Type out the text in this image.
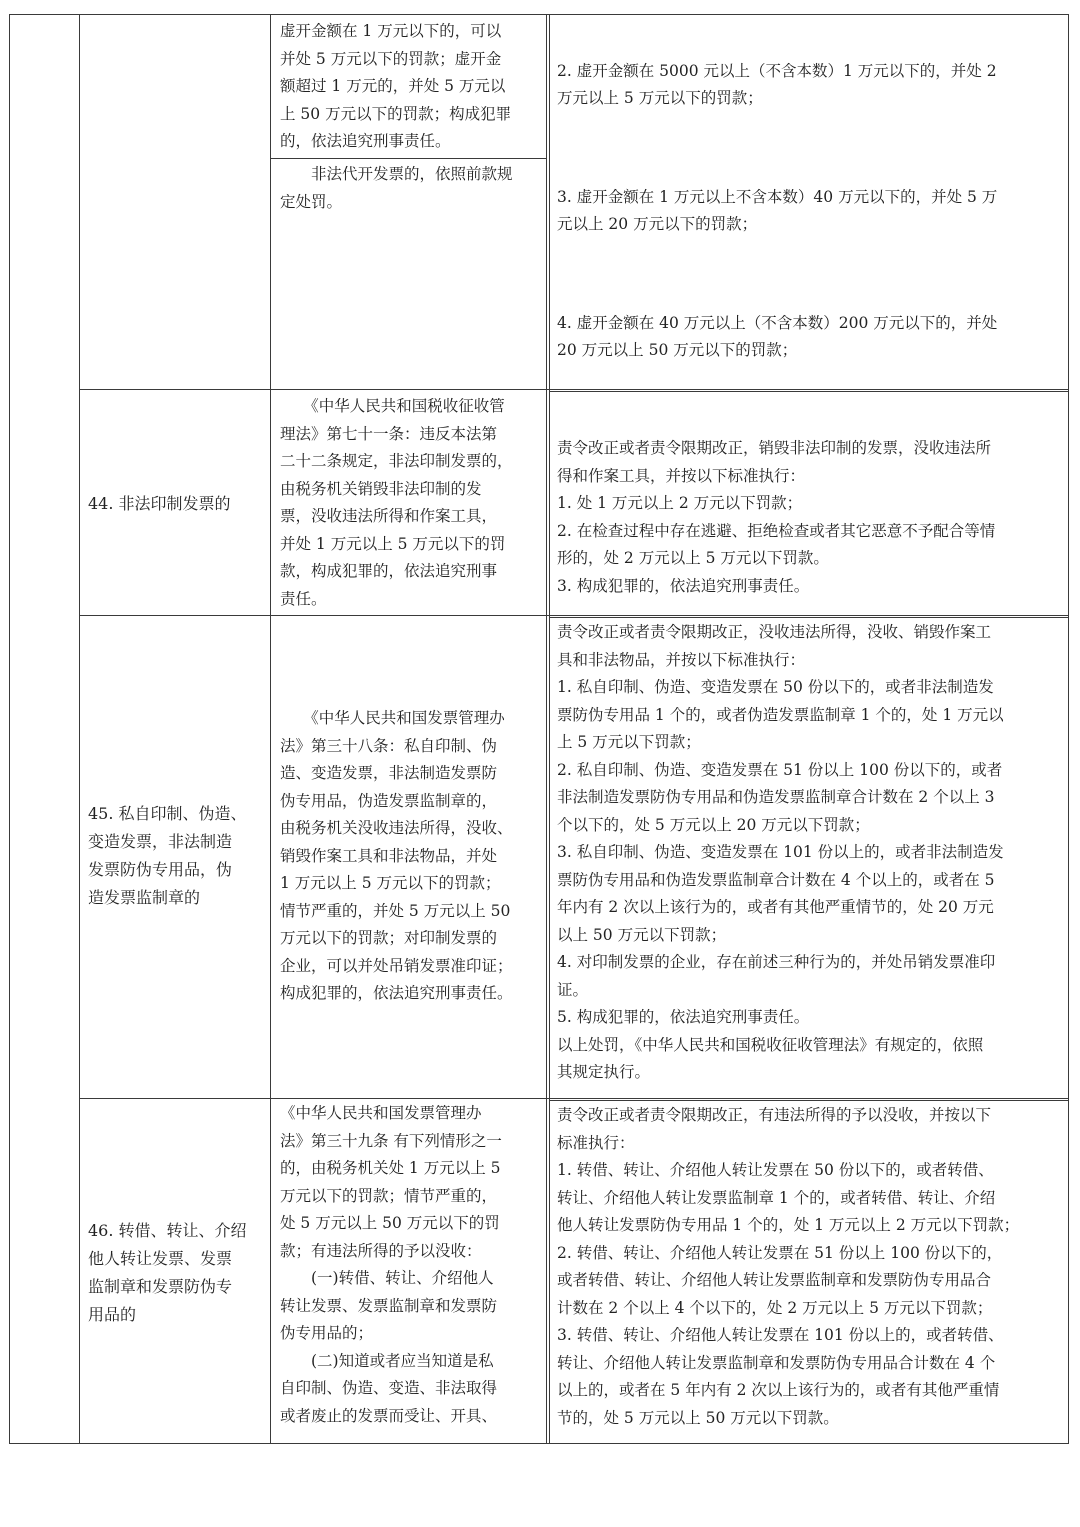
虚开金额在 1 万元以下的，可以
并处 5 万元以下的罚款；虚开金
额超过 1 万元的，并处 5 万元以
上 50 万元以下的罚款；构成犯罪
的，依法追究刑事责任。
　　非法代开发票的，依照前款规
定处罚。

2. 虚开金额在 5000 元以上（不含本数）1 万元以下的，并处 2
万元以上 5 万元以下的罚款；

3. 虚开金额在 1 万元以上不含本数）40 万元以下的，并处 5 万
元以上 20 万元以下的罚款；

4. 虚开金额在 40 万元以上（不含本数）200 万元以下的，并处
20 万元以上 50 万元以下的罚款；

44. 非法印制发票的
　　《中华人民共和国税收征收管
理法》第七十一条：违反本法第
二十二条规定，非法印制发票的，
由税务机关销毁非法印制的发
票，没收违法所得和作案工具，
并处 1 万元以上 5 万元以下的罚
款，构成犯罪的，依法追究刑事
责任。
责令改正或者责令限期改正，销毁非法印制的发票，没收违法所
得和作案工具，并按以下标准执行：
1. 处 1 万元以上 2 万元以下罚款；
2. 在检查过程中存在逃避、拒绝检查或者其它恶意不予配合等情
形的，处 2 万元以上 5 万元以下罚款。
3. 构成犯罪的，依法追究刑事责任。
45. 私自印制、伪造、
变造发票，非法制造
发票防伪专用品，伪
造发票监制章的
　　《中华人民共和国发票管理办
法》第三十八条：私自印制、伪
造、变造发票，非法制造发票防
伪专用品，伪造发票监制章的，
由税务机关没收违法所得，没收、
销毁作案工具和非法物品，并处
1 万元以上 5 万元以下的罚款；
情节严重的，并处 5 万元以上 50
万元以下的罚款；对印制发票的
企业，可以并处吊销发票准印证；
构成犯罪的，依法追究刑事责任。
责令改正或者责令限期改正，没收违法所得，没收、销毁作案工
具和非法物品，并按以下标准执行：
1. 私自印制、伪造、变造发票在 50 份以下的，或者非法制造发
票防伪专用品 1 个的，或者伪造发票监制章 1 个的，处 1 万元以
上 5 万元以下罚款；
2. 私自印制、伪造、变造发票在 51 份以上 100 份以下的，或者
非法制造发票防伪专用品和伪造发票监制章合计数在 2 个以上 3
个以下的，处 5 万元以上 20 万元以下罚款；
3. 私自印制、伪造、变造发票在 101 份以上的，或者非法制造发
票防伪专用品和伪造发票监制章合计数在 4 个以上的，或者在 5
年内有 2 次以上该行为的，或者有其他严重情节的，处 20 万元
以上 50 万元以下罚款；
4. 对印制发票的企业，存在前述三种行为的，并处吊销发票准印
证。
5. 构成犯罪的，依法追究刑事责任。
以上处罚，《中华人民共和国税收征收管理法》有规定的，依照
其规定执行。
46. 转借、转让、介绍
他人转让发票、发票
监制章和发票防伪专
用品的
《中华人民共和国发票管理办
法》第三十九条 有下列情形之一
的，由税务机关处 1 万元以上 5
万元以下的罚款；情节严重的，
处 5 万元以上 50 万元以下的罚
款；有违法所得的予以没收：
　　(一)转借、转让、介绍他人
转让发票、发票监制章和发票防
伪专用品的；
　　(二)知道或者应当知道是私
自印制、伪造、变造、非法取得
或者废止的发票而受让、开具、
责令改正或者责令限期改正，有违法所得的予以没收，并按以下
标准执行：
1. 转借、转让、介绍他人转让发票在 50 份以下的，或者转借、
转让、介绍他人转让发票监制章 1 个的，或者转借、转让、介绍
他人转让发票防伪专用品 1 个的，处 1 万元以上 2 万元以下罚款；
2. 转借、转让、介绍他人转让发票在 51 份以上 100 份以下的，
或者转借、转让、介绍他人转让发票监制章和发票防伪专用品合
计数在 2 个以上 4 个以下的，处 2 万元以上 5 万元以下罚款；
3. 转借、转让、介绍他人转让发票在 101 份以上的，或者转借、
转让、介绍他人转让发票监制章和发票防伪专用品合计数在 4 个
以上的，或者在 5 年内有 2 次以上该行为的，或者有其他严重情
节的，处 5 万元以上 50 万元以下罚款。
